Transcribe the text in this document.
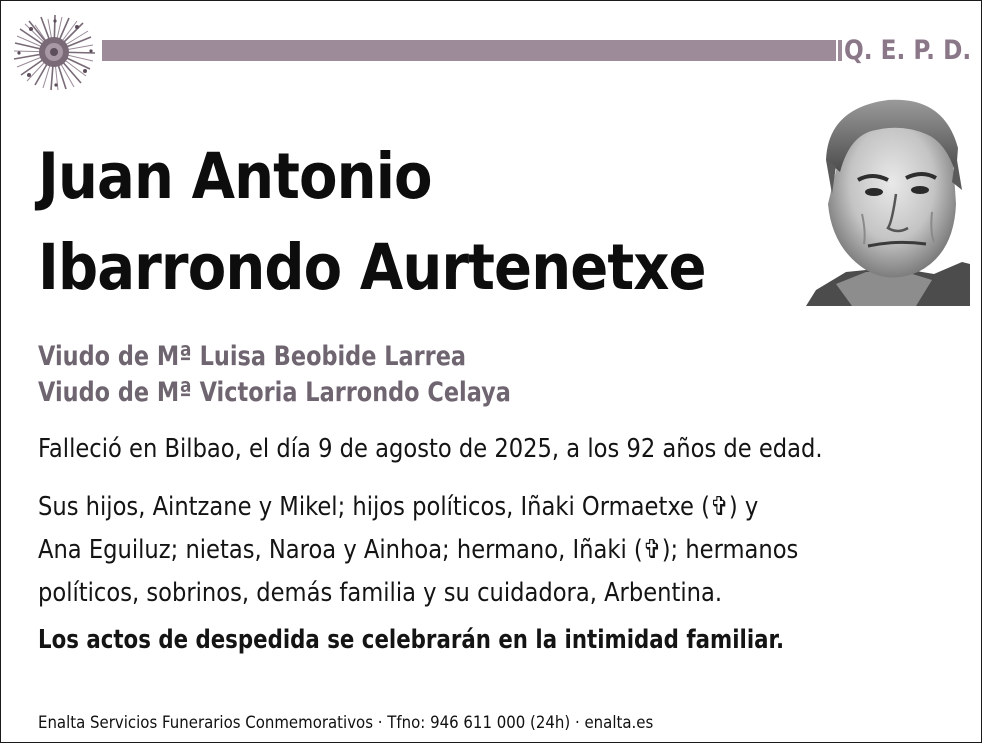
Q. E. P. D.
Juan Antonio
Ibarrondo Aurtenetxe
Viudo de Mª Luisa Beobide Larrea
Viudo de Mª Victoria Larrondo Celaya
Falleció en Bilbao, el día 9 de agosto de 2025, a los 92 años de edad.
Sus hijos, Aintzane y Mikel; hijos políticos, Iñaki Ormaetxe (✞) y
Ana Eguiluz; nietas, Naroa y Ainhoa; hermano, Iñaki (✞); hermanos
políticos, sobrinos, demás familia y su cuidadora, Arbentina.
Los actos de despedida se celebrarán en la intimidad familiar.
Enalta Servicios Funerarios Conmemorativos · Tfno: 946 611 000 (24h) · enalta.es
